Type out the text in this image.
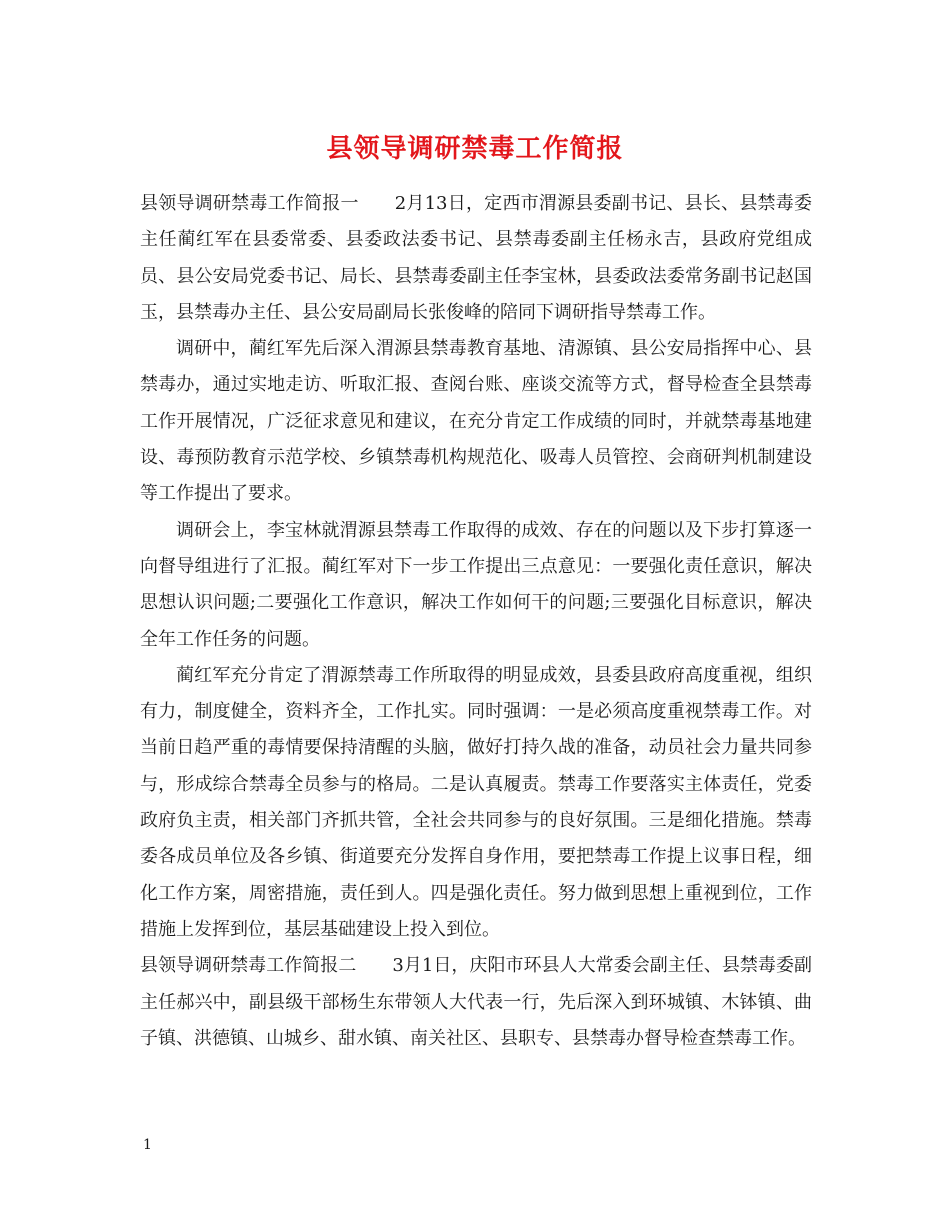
县领导调研禁毒工作简报

县领导调研禁毒工作简报一 2月13日，定西市渭源县委副书记、县长、县禁毒委主任蔺红军在县委常委、县委政法委书记、县禁毒委副主任杨永吉，县政府党组成员、县公安局党委书记、局长、县禁毒委副主任李宝林，县委政法委常务副书记赵国玉，县禁毒办主任、县公安局副局长张俊峰的陪同下调研指导禁毒工作。

调研中，蔺红军先后深入渭源县禁毒教育基地、清源镇、县公安局指挥中心、县禁毒办，通过实地走访、听取汇报、查阅台账、座谈交流等方式，督导检查全县禁毒工作开展情况，广泛征求意见和建议，在充分肯定工作成绩的同时，并就禁毒基地建设、毒预防教育示范学校、乡镇禁毒机构规范化、吸毒人员管控、会商研判机制建设等工作提出了要求。

调研会上，李宝林就渭源县禁毒工作取得的成效、存在的问题以及下步打算逐一向督导组进行了汇报。蔺红军对下一步工作提出三点意见：一要强化责任意识，解决思想认识问题;二要强化工作意识，解决工作如何干的问题;三要强化目标意识，解决全年工作任务的问题。

蔺红军充分肯定了渭源禁毒工作所取得的明显成效，县委县政府高度重视，组织有力，制度健全，资料齐全，工作扎实。同时强调：一是必须高度重视禁毒工作。对当前日趋严重的毒情要保持清醒的头脑，做好打持久战的准备，动员社会力量共同参与，形成综合禁毒全员参与的格局。二是认真履责。禁毒工作要落实主体责任，党委政府负主责，相关部门齐抓共管，全社会共同参与的良好氛围。三是细化措施。禁毒委各成员单位及各乡镇、街道要充分发挥自身作用，要把禁毒工作提上议事日程，细化工作方案，周密措施，责任到人。四是强化责任。努力做到思想上重视到位，工作措施上发挥到位，基层基础建设上投入到位。

县领导调研禁毒工作简报二 3月1日，庆阳市环县人大常委会副主任、县禁毒委副主任郝兴中，副县级干部杨生东带领人大代表一行，先后深入到环城镇、木钵镇、曲子镇、洪德镇、山城乡、甜水镇、南关社区、县职专、县禁毒办督导检查禁毒工作。

1
